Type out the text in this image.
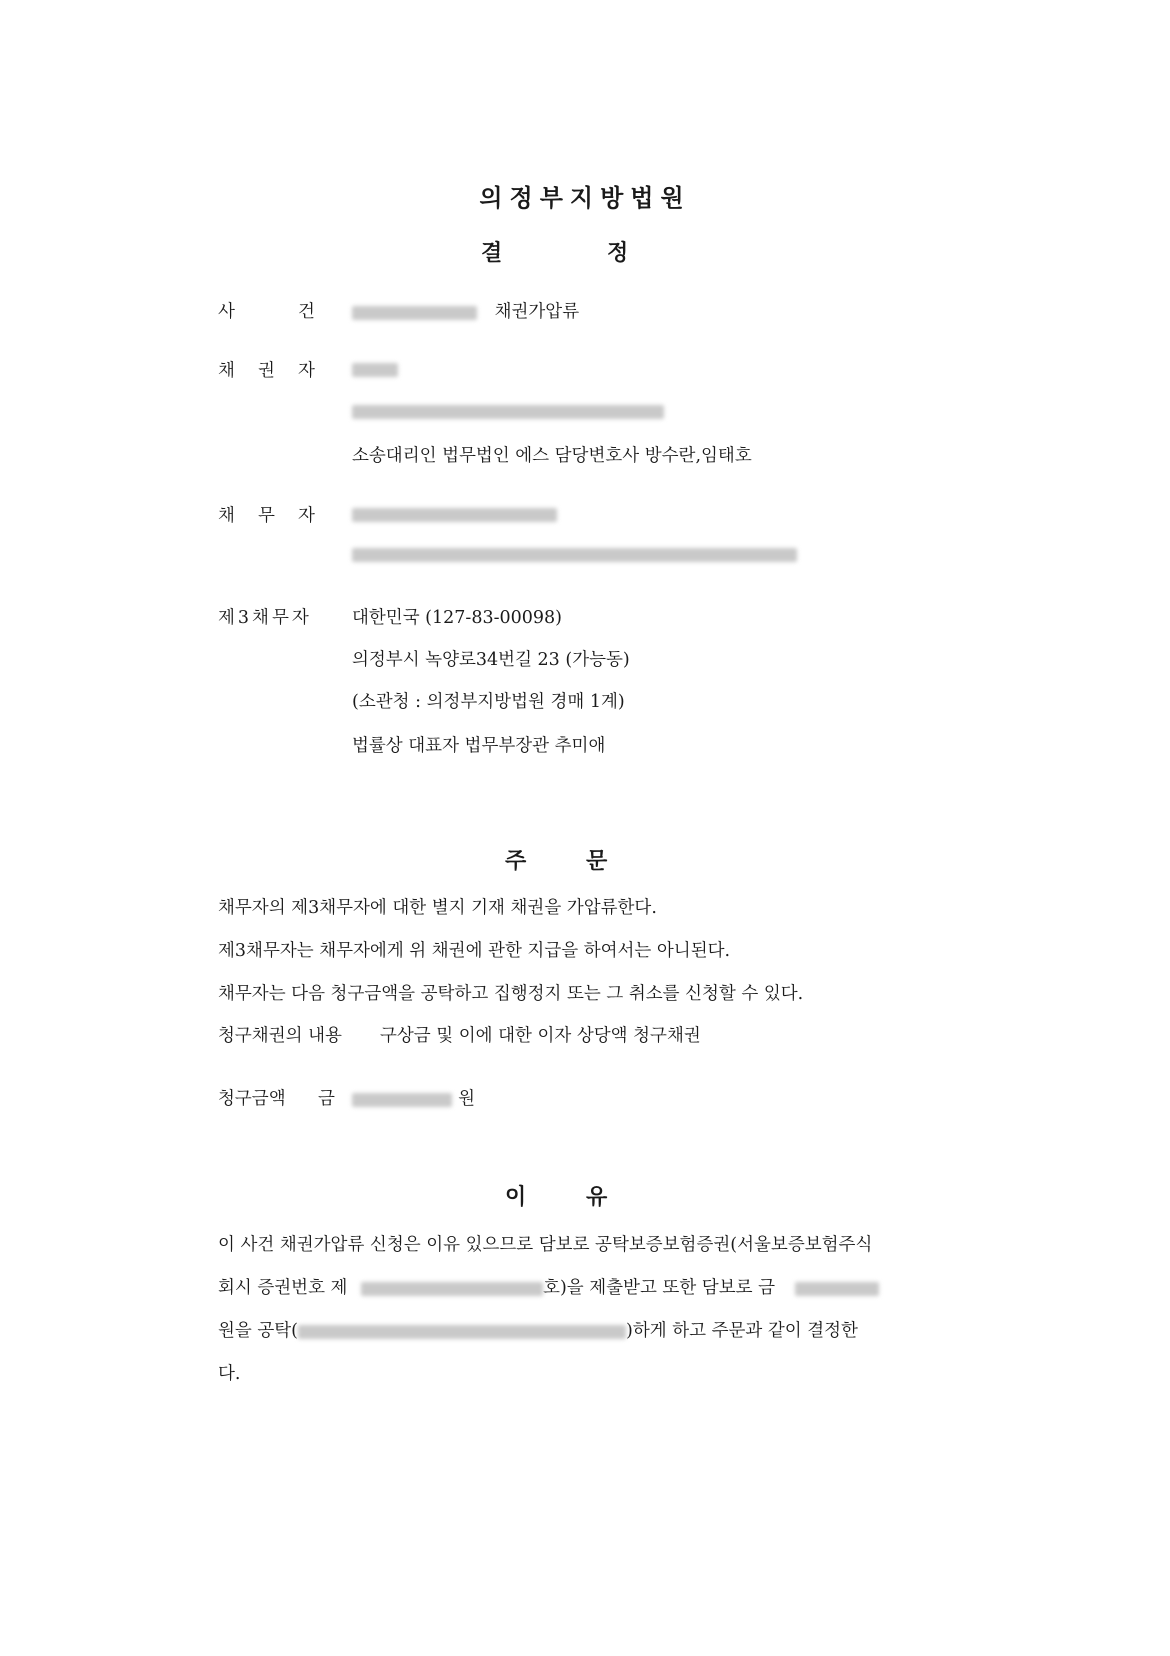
의정부지방법원
결	정
사	건	채권가압류
채 권 자
소송대리인 법무법인 에스 담당변호사 방수란,임태호
채 무 자
제3채무자 대한민국 (127-83-00098)
의정부시 녹양로34번길 23 (가능동)
(소관청 : 의정부지방법원 경매 1계)
법률상 대표자 법무부장관 추미애
주	문
채무자의 제3채무자에 대한 별지 기재 채권을 가압류한다.
제3채무자는 채무자에게 위 채권에 관한 지급을 하여서는 아니된다.
채무자는 다음 청구금액을 공탁하고 집행정지 또는 그 취소를 신청할 수 있다.
청구채권의 내용 구상금 및 이에 대한 이자 상당액 청구채권
청구금액 금	원
이	유
이 사건 채권가압류 신청은 이유 있으므로 담보로 공탁보증보험증권(서울보증보험주식
회시 증권번호 제	호)을 제출받고 또한 담보로 금
원을 공탁(	)하게 하고 주문과 같이 결정한
다.
